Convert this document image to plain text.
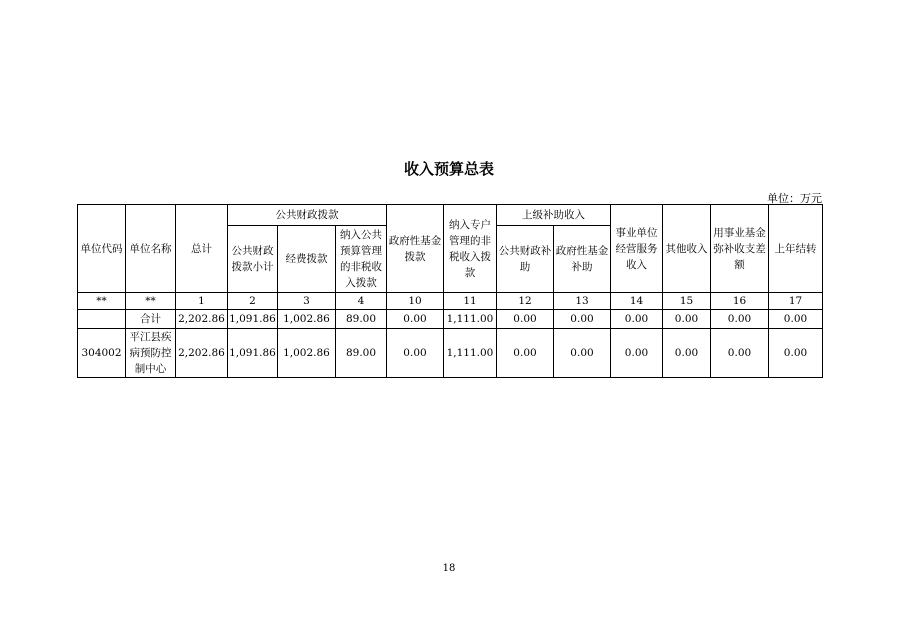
收入预算总表
单位：万元
单位代码	单位名称	总计	公共财政拨款			政府性基金拨款	纳入专户管理的非税收入拨款	上级补助收入		事业单位经营服务收入	其他收入	用事业基金弥补收支差额	上年结转
			公共财政拨款小计	经费拨款	纳入公共预算管理的非税收入拨款			公共财政补助	政府性基金补助				
**	**	1	2	3	4	10	11	12	13	14	15	16	17
	合计	2,202.86	1,091.86	1,002.86	89.00	0.00	1,111.00	0.00	0.00	0.00	0.00	0.00	0.00
304002	平江县疾病预防控制中心	2,202.86	1,091.86	1,002.86	89.00	0.00	1,111.00	0.00	0.00	0.00	0.00	0.00	0.00
18
